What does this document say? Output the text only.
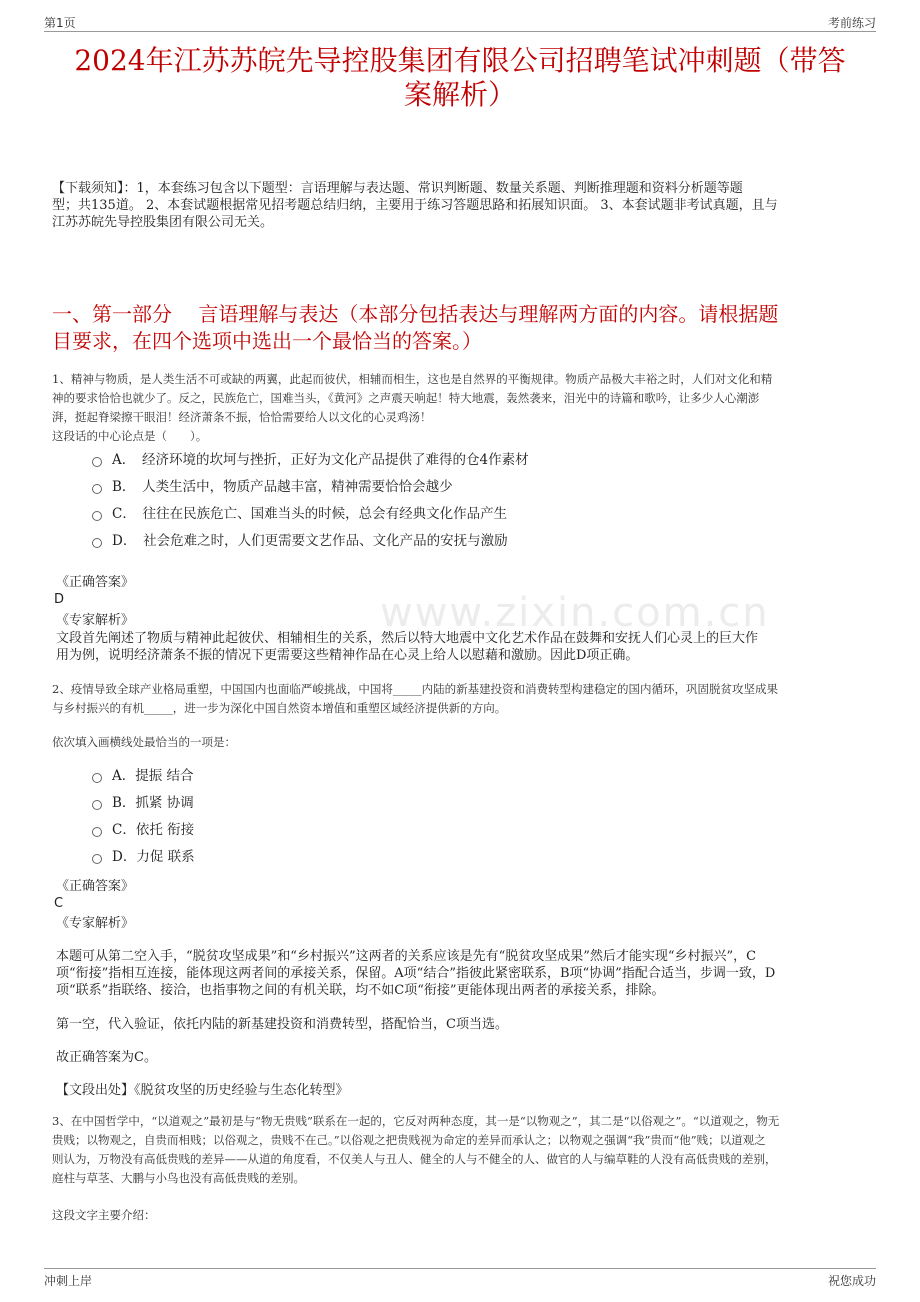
第1页	考前练习
www.zixin.com.cn
2024年江苏苏皖先导控股集团有限公司招聘笔试冲刺题（带答
案解析）
【下载须知】：1，本套练习包含以下题型：言语理解与表达题、常识判断题、数量关系题、判断推理题和资料分析题等题
型；共135道。 2、本套试题根据常见招考题总结归纳，主要用于练习答题思路和拓展知识面。 3、本套试题非考试真题，且与
江苏苏皖先导控股集团有限公司无关。
一、第一部分　 言语理解与表达（本部分包括表达与理解两方面的内容。请根据题
目要求，在四个选项中选出一个最恰当的答案。）
1、精神与物质，是人类生活不可或缺的两翼，此起而彼伏，相辅而相生，这也是自然界的平衡规律。物质产品极大丰裕之时，人们对文化和精
神的要求恰恰也就少了。反之，民族危亡，国难当头，《黄河》之声震天响起！特大地震，轰然袭来，泪光中的诗篇和歌吟，让多少人心潮澎
湃，挺起脊梁擦干眼泪！经济萧条不振，恰恰需要给人以文化的心灵鸡汤！
这段话的中心论点是（　　）。
A．　经济环境的坎坷与挫折，正好为文化产品提供了难得的仓4作素材
B．　人类生活中，物质产品越丰富，精神需要恰恰会越少
C．　往往在民族危亡、国难当头的时候，总会有经典文化作品产生
D．　社会危难之时，人们更需要文艺作品、文化产品的安抚与激励
《正确答案》
D
《专家解析》
文段首先阐述了物质与精神此起彼伏、相辅相生的关系，然后以特大地震中文化艺术作品在鼓舞和安抚人们心灵上的巨大作
用为例，说明经济萧条不振的情况下更需要这些精神作品在心灵上给人以慰藉和激励。因此D项正确。
2、疫情导致全球产业格局重塑，中国国内也面临严峻挑战，中国将_____内陆的新基建投资和消费转型构建稳定的国内循环，巩固脱贫攻坚成果
与乡村振兴的有机_____，进一步为深化中国自然资本增值和重塑区域经济提供新的方向。
依次填入画横线处最恰当的一项是：
A．提振 结合
B．抓紧 协调
C．依托 衔接
D．力促 联系
《正确答案》
C
《专家解析》
本题可从第二空入手，“脱贫攻坚成果”和“乡村振兴”这两者的关系应该是先有“脱贫攻坚成果”然后才能实现“乡村振兴”，C
项“衔接”指相互连接，能体现这两者间的承接关系，保留。A项“结合”指彼此紧密联系，B项“协调”指配合适当，步调一致，D
项“联系”指联络、接洽，也指事物之间的有机关联，均不如C项“衔接”更能体现出两者的承接关系，排除。
第一空，代入验证，依托内陆的新基建投资和消费转型，搭配恰当，C项当选。
故正确答案为C。
【文段出处】《脱贫攻坚的历史经验与生态化转型》
3、在中国哲学中，“以道观之”最初是与“物无贵贱”联系在一起的，它反对两种态度，其一是“以物观之”，其二是“以俗观之”。“以道观之，物无
贵贱；以物观之，自贵而相贱；以俗观之，贵贱不在己。”以俗观之把贵贱视为命定的差异而承认之；以物观之强调“我”贵而“他”贱；以道观之
则认为，万物没有高低贵贱的差异——从道的角度看，不仅美人与丑人、健全的人与不健全的人、做官的人与编草鞋的人没有高低贵贱的差别，
庭柱与草茎、大鹏与小鸟也没有高低贵贱的差别。
这段文字主要介绍：
冲刺上岸	祝您成功
